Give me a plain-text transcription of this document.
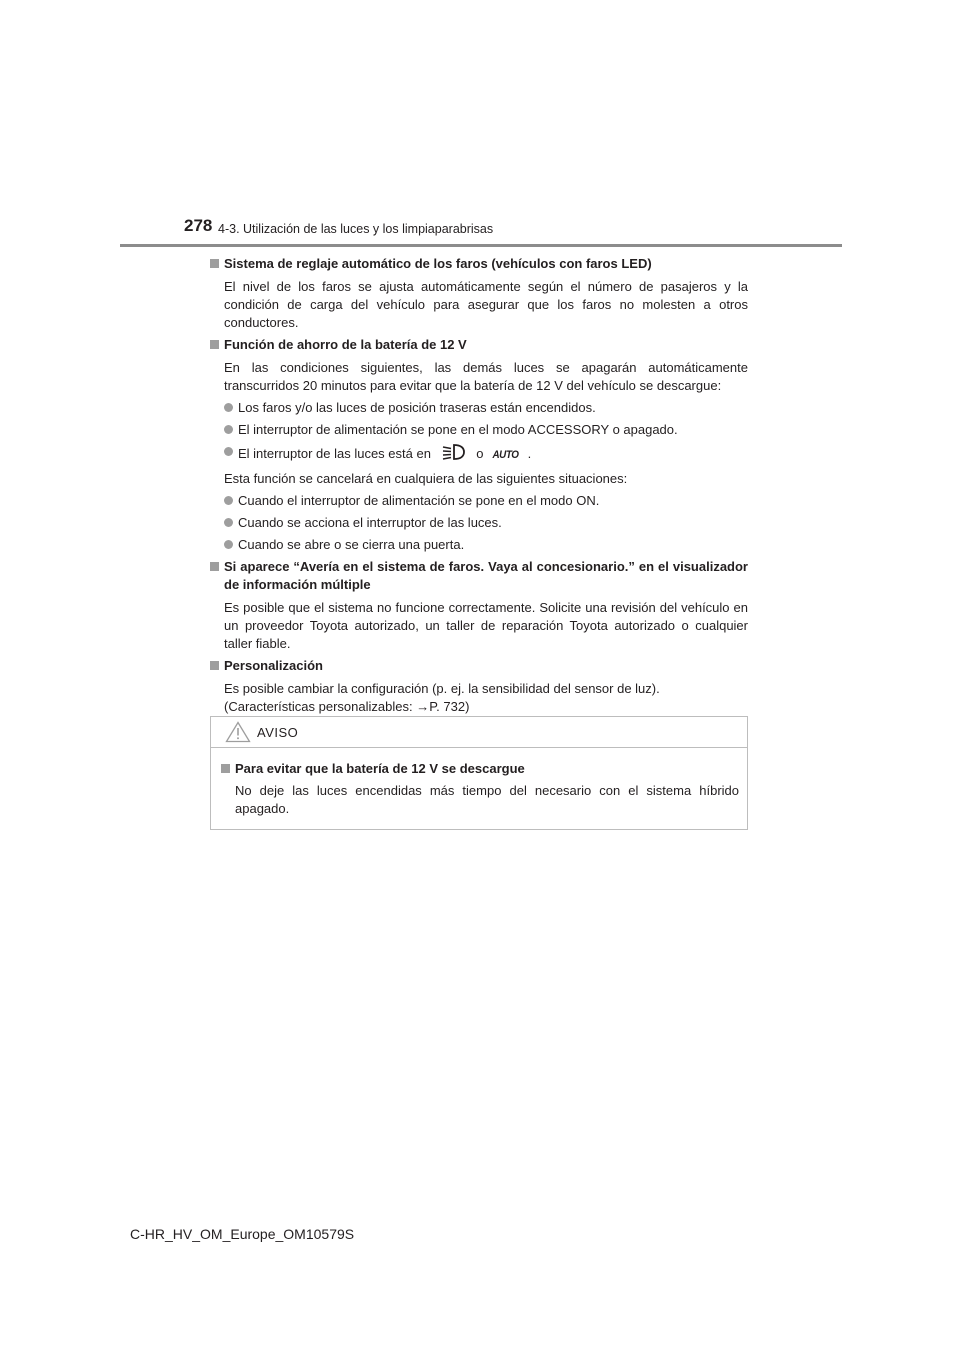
278 4-3. Utilización de las luces y los limpiaparabrisas
Sistema de reglaje automático de los faros (vehículos con faros LED)
El nivel de los faros se ajusta automáticamente según el número de pasajeros y la condición de carga del vehículo para asegurar que los faros no molesten a otros conductores.
Función de ahorro de la batería de 12 V
En las condiciones siguientes, las demás luces se apagarán automáticamente transcurridos 20 minutos para evitar que la batería de 12 V del vehículo se descargue:
Los faros y/o las luces de posición traseras están encendidos.
El interruptor de alimentación se pone en el modo ACCESSORY o apagado.
El interruptor de las luces está en	o AUTO .
Esta función se cancelará en cualquiera de las siguientes situaciones:
Cuando el interruptor de alimentación se pone en el modo ON.
Cuando se acciona el interruptor de las luces.
Cuando se abre o se cierra una puerta.
Si aparece “Avería en el sistema de faros. Vaya al concesionario.” en el visualizador de información múltiple
Es posible que el sistema no funcione correctamente. Solicite una revisión del vehículo en un proveedor Toyota autorizado, un taller de reparación Toyota autorizado o cualquier taller fiable.
Personalización
Es posible cambiar la configuración (p. ej. la sensibilidad del sensor de luz).
(Características personalizables: →P. 732)
AVISO
Para evitar que la batería de 12 V se descargue
No deje las luces encendidas más tiempo del necesario con el sistema híbrido apagado.
C-HR_HV_OM_Europe_OM10579S
